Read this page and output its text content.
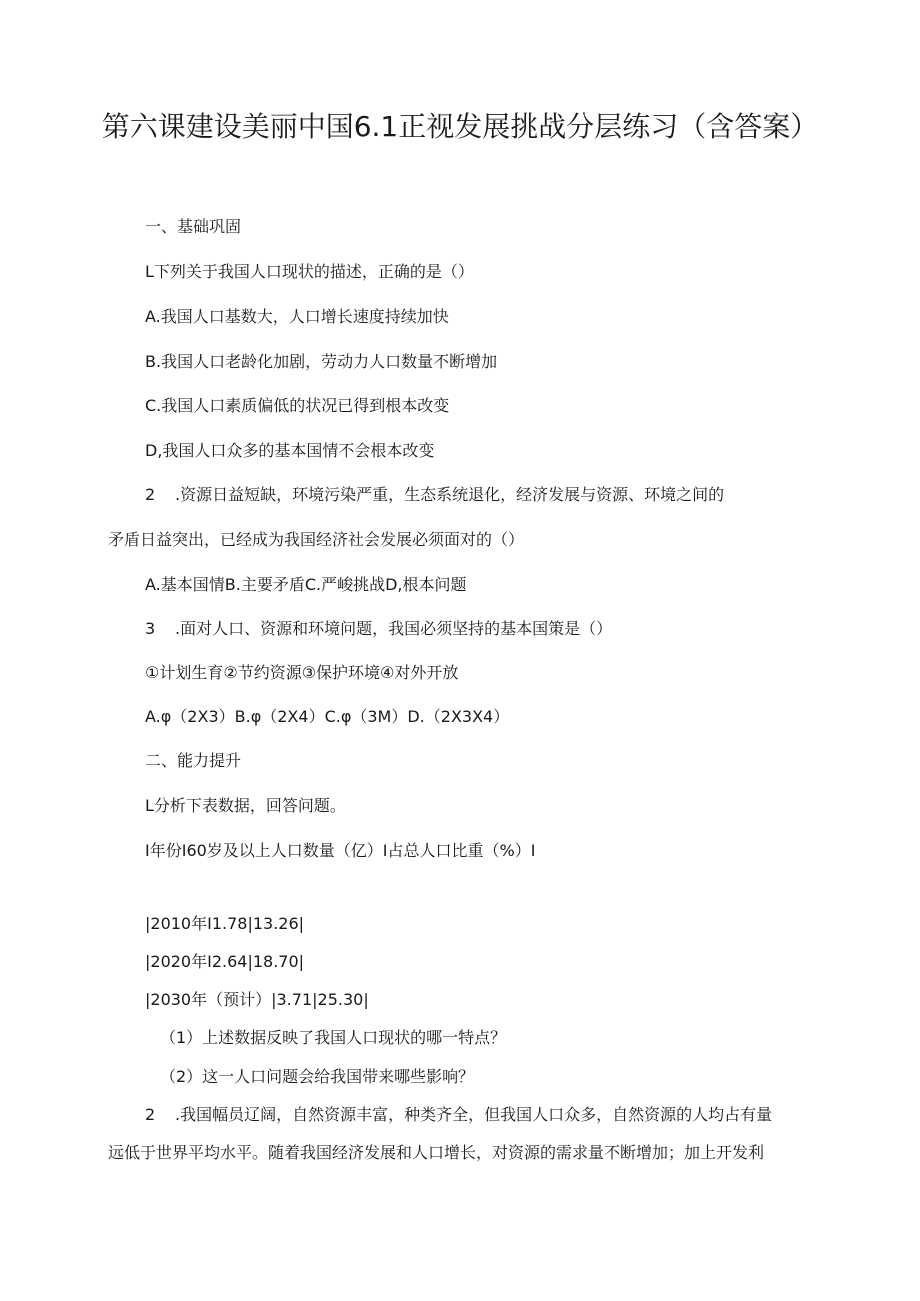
第六课建设美丽中国6.1正视发展挑战分层练习（含答案）

一、基础巩固

L下列关于我国人口现状的描述，正确的是（）

A.我国人口基数大，人口增长速度持续加快

B.我国人口老龄化加剧，劳动力人口数量不断增加

C.我国人口素质偏低的状况已得到根本改变

D,我国人口众多的基本国情不会根本改变

2 .资源日益短缺，环境污染严重，生态系统退化，经济发展与资源、环境之间的

矛盾日益突出，已经成为我国经济社会发展必须面对的（）

A.基本国情B.主要矛盾C.严峻挑战D,根本问题

3 .面对人口、资源和环境问题，我国必须坚持的基本国策是（）

①计划生育②节约资源③保护环境④对外开放

A.φ（2X3）B.φ（2X4）C.φ（3M）D.（2X3X4）

二、能力提升

L分析下表数据，回答问题。

I年份I60岁及以上人口数量（亿）I占总人口比重（%）I

|2010年I1.78|13.26|

|2020年I2.64|18.70|

|2030年（预计）|3.71|25.30|

（1）上述数据反映了我国人口现状的哪一特点？

（2）这一人口问题会给我国带来哪些影响？

2 .我国幅员辽阔，自然资源丰富，种类齐全，但我国人口众多，自然资源的人均占有量

远低于世界平均水平。随着我国经济发展和人口增长，对资源的需求量不断增加；加上开发利
